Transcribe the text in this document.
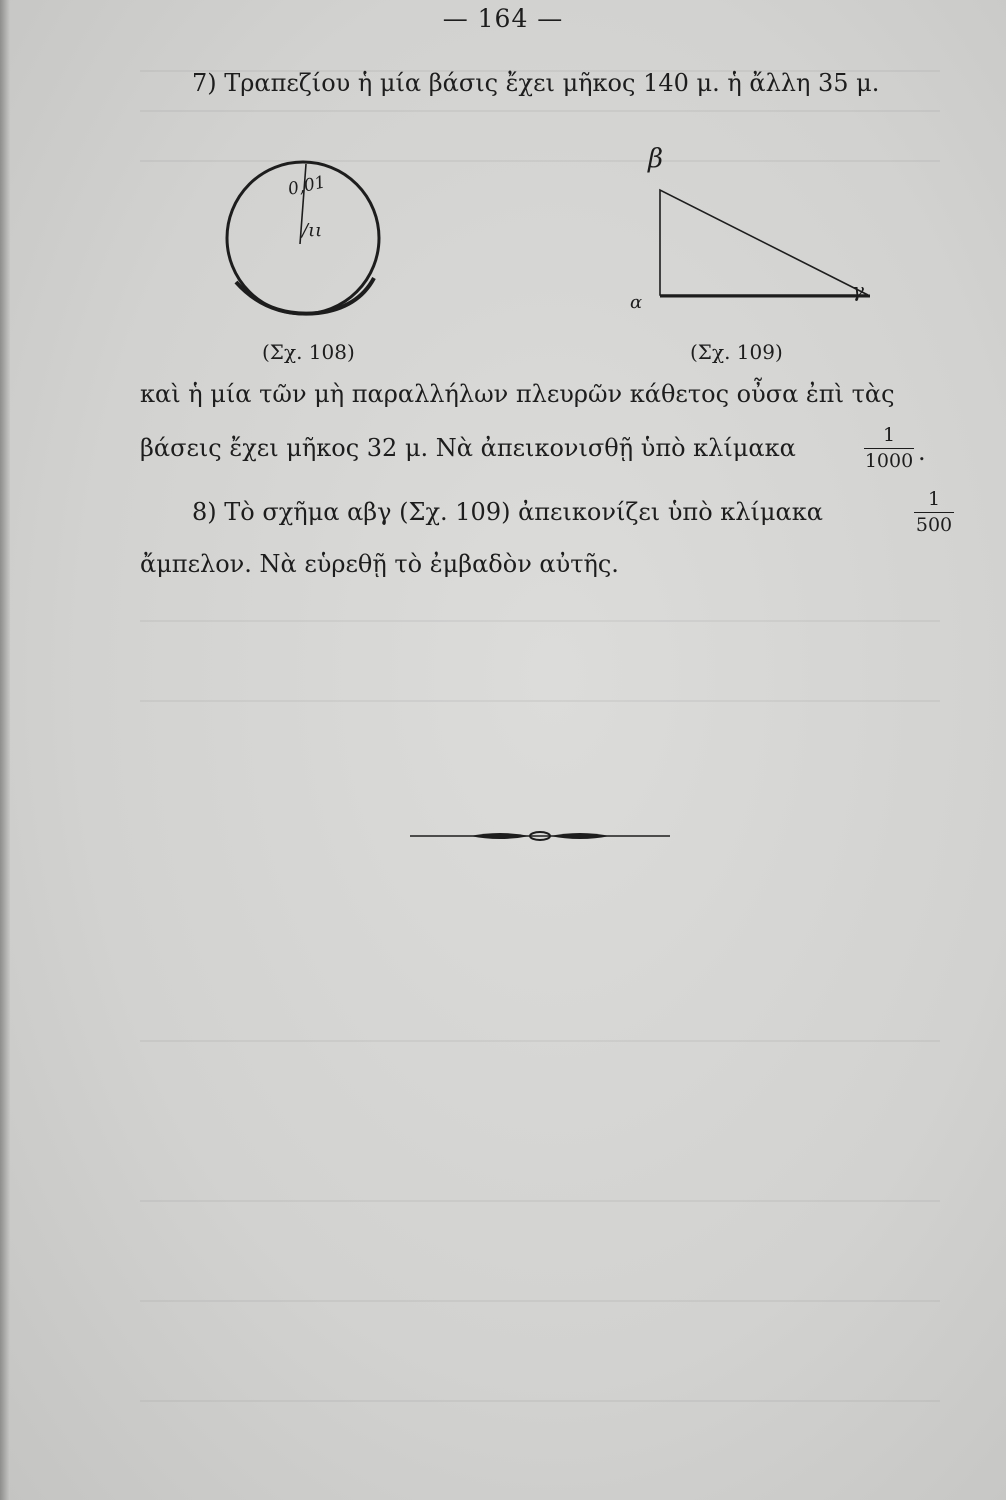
— 164 —
7) Τραπεζίου ἡ μία βάσις ἔχει μῆκος 140 μ. ἡ ἄλλη 35 μ.
0,01
/ιι
(Σχ. 108)
β
α
γ
(Σχ. 109)
καὶ ἡ μία τῶν μὴ παραλλήλων πλευρῶν κάθετος οὖσα ἐπὶ τὰς
βάσεις ἔχει μῆκος 32 μ. Νὰ ἀπεικονισθῇ ὑπὸ κλίμακα	$\frac{1}{1000}$ .
8) Τὸ σχῆμα αβγ (Σχ. 109) ἀπεικονίζει ὑπὸ κλίμακα	$\frac{1}{500}$
ἄμπελον. Νὰ εὑρεθῇ τὸ ἐμβαδὸν αὐτῆς.
